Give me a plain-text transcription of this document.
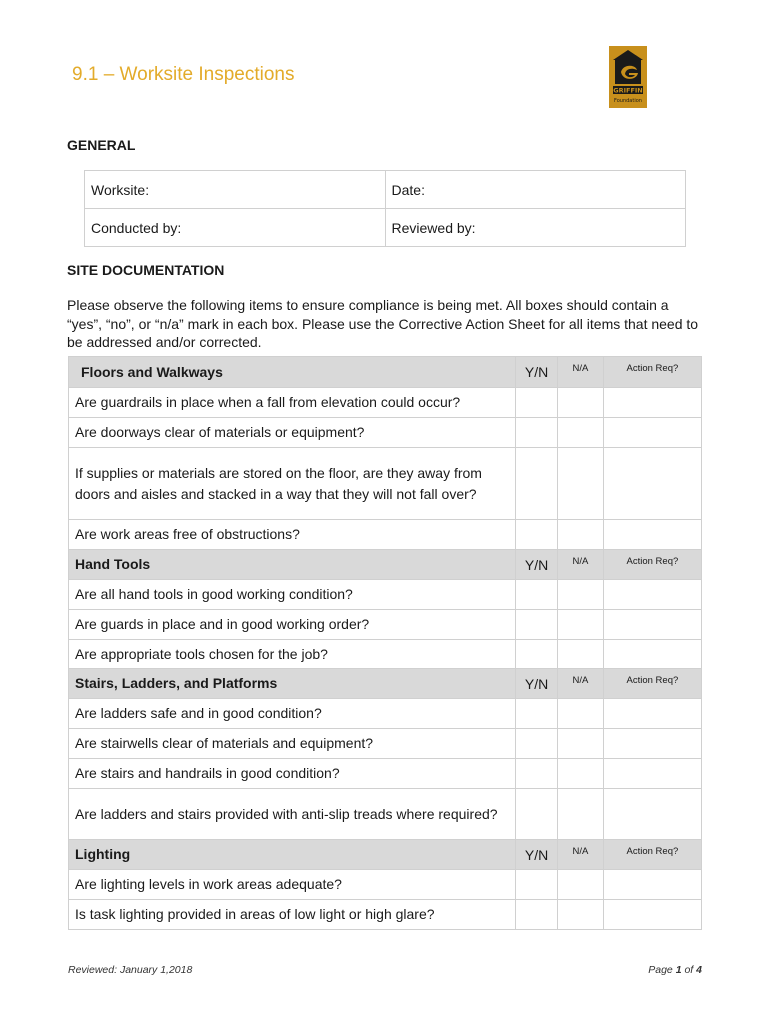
9.1 – Worksite Inspections
GRIFFIN
Foundation
GENERAL
Worksite:	Date:
Conducted by:	Reviewed by:
SITE DOCUMENTATION
Please observe the following items to ensure compliance is being met. All boxes should contain a “yes”, “no”, or “n/a” mark in each box. Please use the Corrective Action Sheet for all items that need to be addressed and/or corrected.
Floors and Walkways	Y/N	N/A	Action Req?
Are guardrails in place when a fall from elevation could occur?			
Are doorways clear of materials or equipment?			
If supplies or materials are stored on the floor, are they away from doors and aisles and stacked in a way that they will not fall over?			
Are work areas free of obstructions?			
Hand Tools	Y/N	N/A	Action Req?
Are all hand tools in good working condition?			
Are guards in place and in good working order?			
Are appropriate tools chosen for the job?			
Stairs, Ladders, and Platforms	Y/N	N/A	Action Req?
Are ladders safe and in good condition?			
Are stairwells clear of materials and equipment?			
Are stairs and handrails in good condition?			
Are ladders and stairs provided with anti-slip treads where required?			
Lighting	Y/N	N/A	Action Req?
Are lighting levels in work areas adequate?			
Is task lighting provided in areas of low light or high glare?			
Reviewed: January 1,2018	Page 1 of 4
